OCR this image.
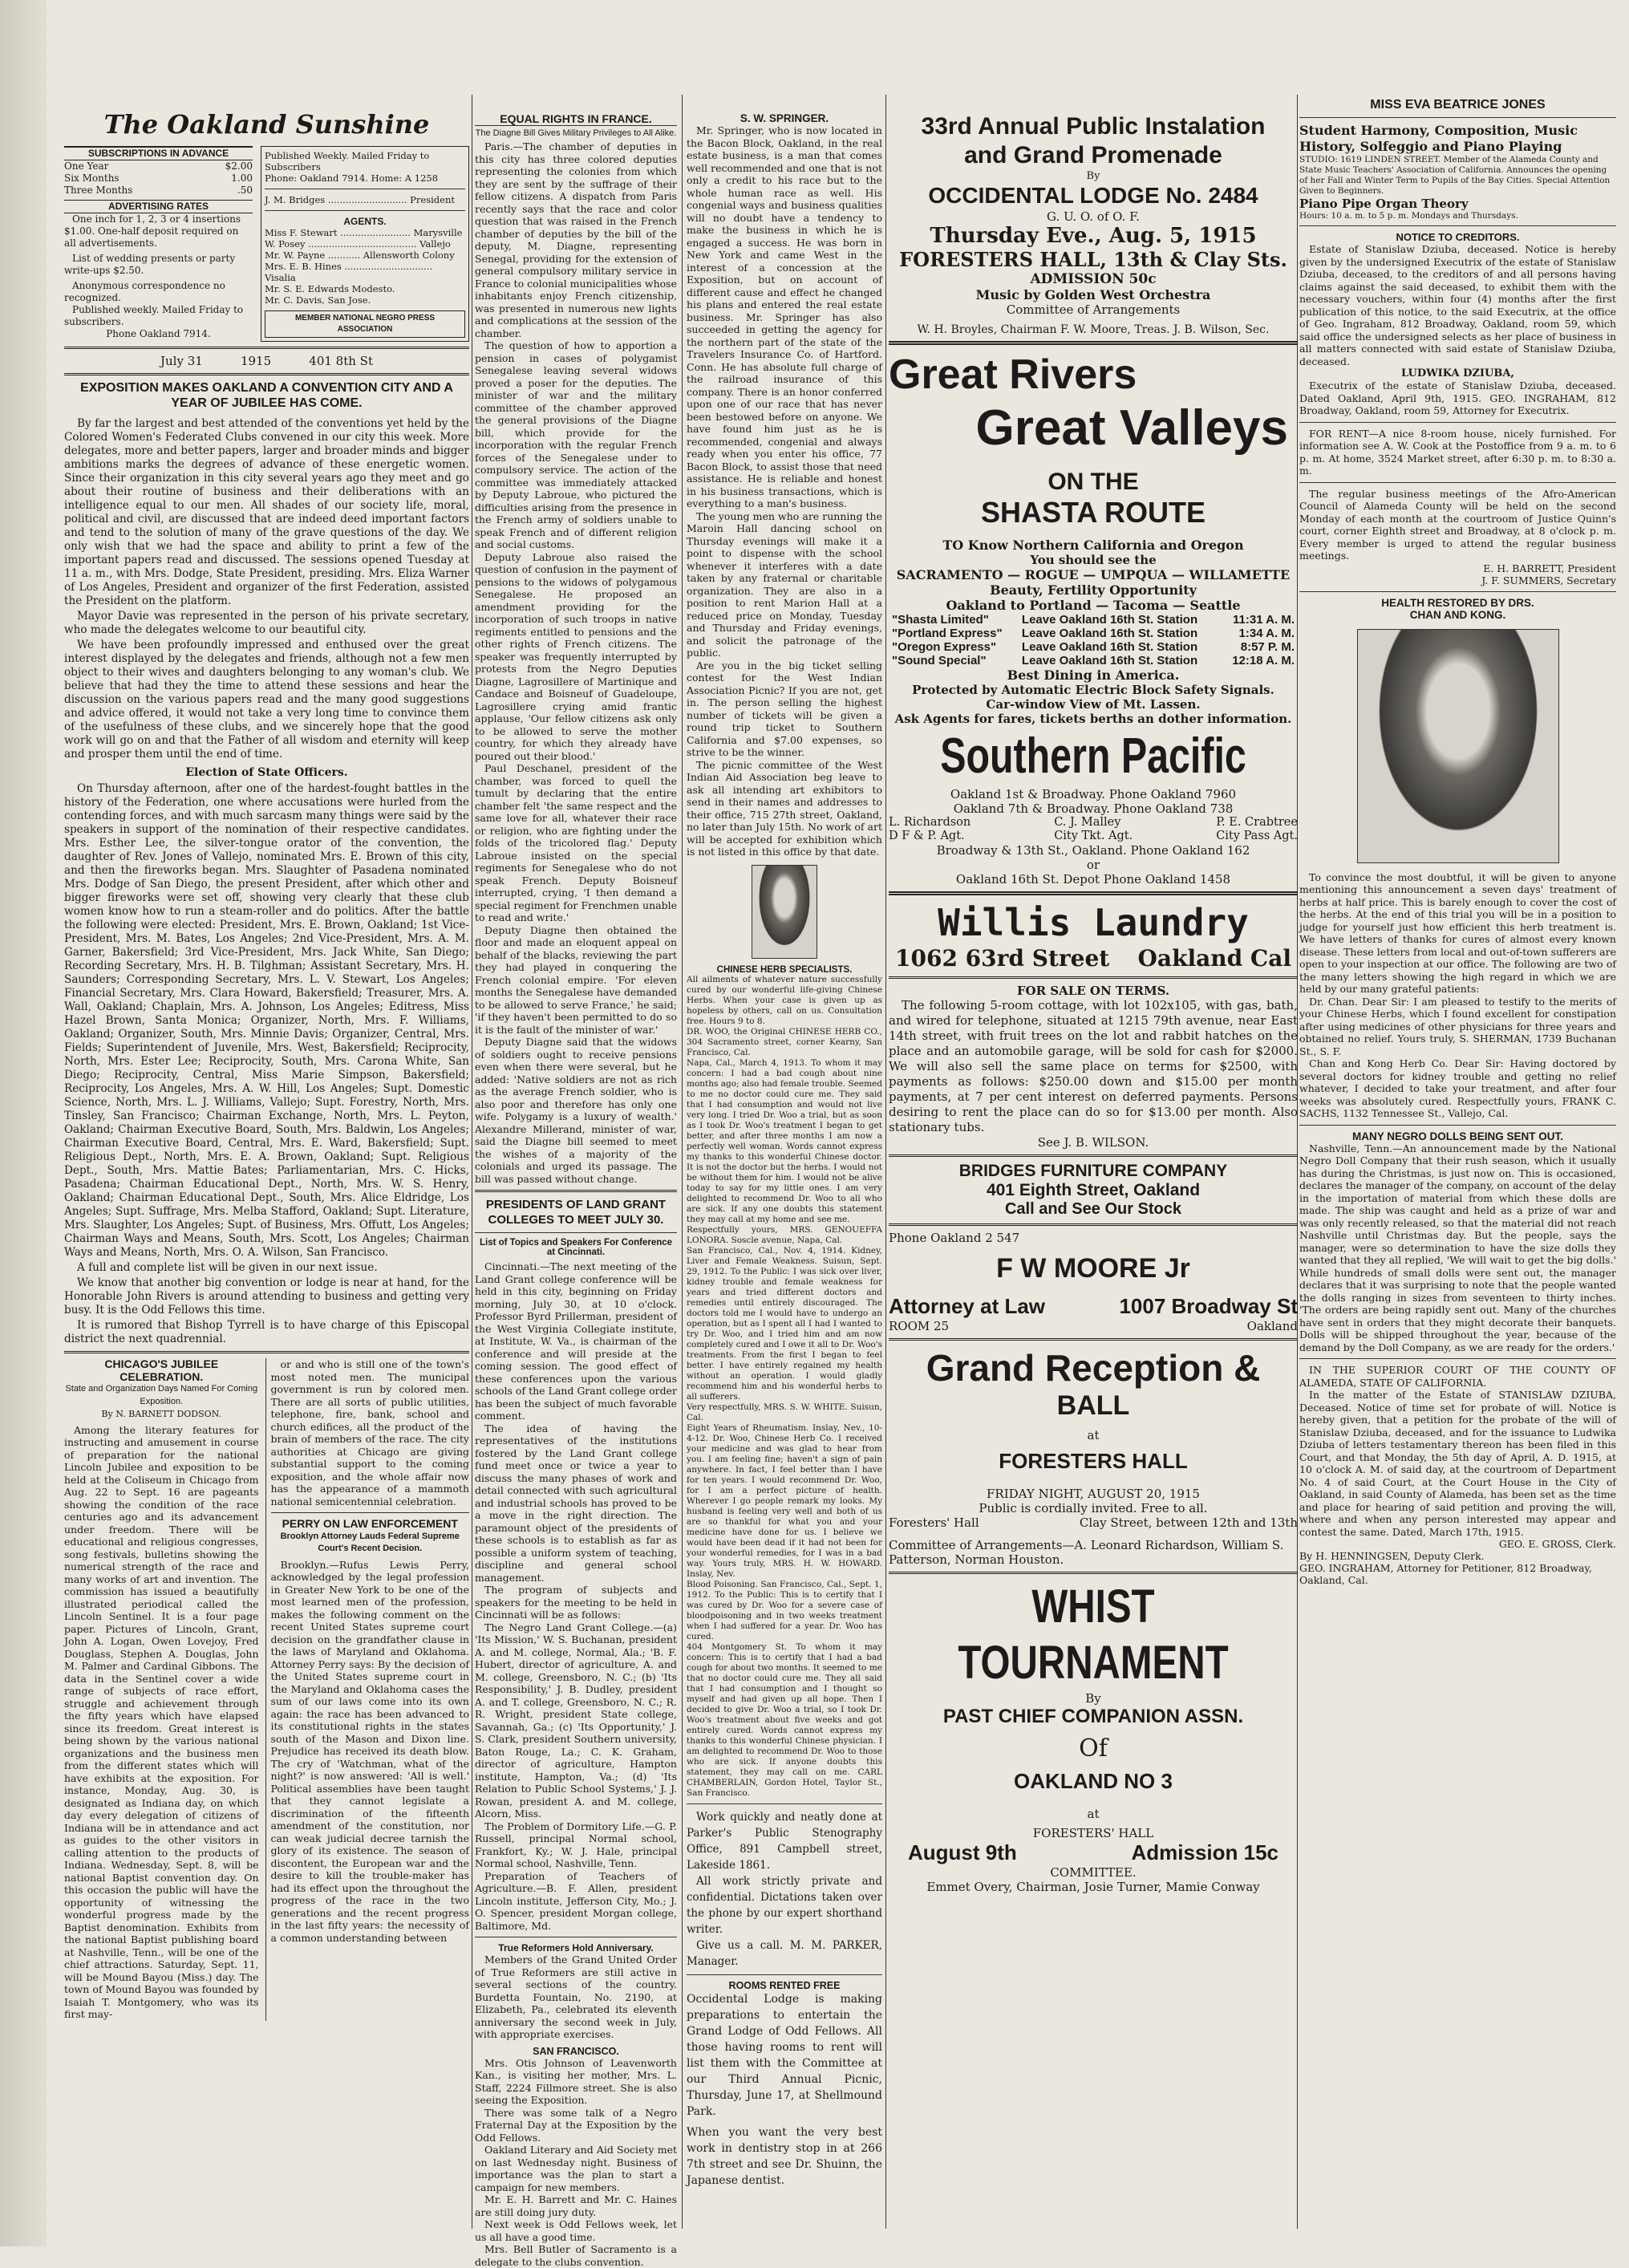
The Oakland Sunshine
SUBSCRIPTIONS IN ADVANCE
One Year	$2.00
Six Months	1.00
Three Months	.50
ADVERTISING RATES
One inch for 1, 2, 3 or 4 insertions $1.00. One-half deposit required on all advertisements.
List of wedding presents or party write-ups $2.50.
Anonymous correspondence no recognized.
Published weekly. Mailed Friday to subscribers.
Phone Oakland 7914.
Published Weekly. Mailed Friday to Subscribers
Phone: Oakland 7914. Home: A 1258
J. M. Bridges ........................... President
AGENTS.
Miss F. Stewart ........................ Marysville
W. Posey ..................................... Vallejo
Mr. W. Payne ........... Allensworth Colony
Mrs. E. B. Hines .............................. Visalia
Mr. S. E. Edwards Modesto.
Mr. C. Davis, San Jose.
MEMBER NATIONAL NEGRO PRESS ASSOCIATION
July 31	1915	401 8th St
EXPOSITION MAKES OAKLAND A CONVENTION CITY AND A YEAR OF JUBILEE HAS COME.

By far the largest and best attended of the conventions yet held by the Colored Women's Federated Clubs convened in our city this week. More delegates, more and better papers, larger and broader minds and bigger ambitions marks the degrees of advance of these energetic women. Since their organization in this city several years ago they meet and go about their routine of business and their deliberations with an intelligence equal to our men. All shades of our society life, moral, political and civil, are discussed that are indeed deed important factors and tend to the solution of many of the grave questions of the day. We only wish that we had the space and ability to print a few of the important papers read and discussed. The sessions opened Tuesday at 11 a. m., with Mrs. Dodge, State President, presiding. Mrs. Eliza Warner of Los Angeles, President and organizer of the first Federation, assisted the President on the platform.

Mayor Davie was represented in the person of his private secretary, who made the delegates welcome to our beautiful city.

We have been profoundly impressed and enthused over the great interest displayed by the delegates and friends, although not a few men object to their wives and daughters belonging to any woman's club. We believe that had they the time to attend these sessions and hear the discussion on the various papers read and the many good suggestions and advice offered, it would not take a very long time to convince them of the usefulness of these clubs, and we sincerely hope that the good work will go on and that the Father of all wisdom and eternity will keep and prosper them until the end of time.

Election of State Officers.

On Thursday afternoon, after one of the hardest-fought battles in the history of the Federation, one where accusations were hurled from the contending forces, and with much sarcasm many things were said by the speakers in support of the nomination of their respective candidates. Mrs. Esther Lee, the silver-tongue orator of the convention, the daughter of Rev. Jones of Vallejo, nominated Mrs. E. Brown of this city, and then the fireworks began. Mrs. Slaughter of Pasadena nominated Mrs. Dodge of San Diego, the present President, after which other and bigger fireworks were set off, showing very clearly that these club women know how to run a steam-roller and do politics. After the battle the following were elected: President, Mrs. E. Brown, Oakland; 1st Vice-President, Mrs. M. Bates, Los Angeles; 2nd Vice-President, Mrs. A. M. Garner, Bakersfield; 3rd Vice-President, Mrs. Jack White, San Diego; Recording Secretary, Mrs. H. B. Tilghman; Assistant Secretary, Mrs. H. Saunders; Corresponding Secretary, Mrs. L. V. Stewart, Los Angeles; Financial Secretary, Mrs. Clara Howard, Bakersfield; Treasurer, Mrs. A. Wall, Oakland; Chaplain, Mrs. A. Johnson, Los Angeles; Editress, Miss Hazel Brown, Santa Monica; Organizer, North, Mrs. F. Williams, Oakland; Organizer, South, Mrs. Minnie Davis; Organizer, Central, Mrs. Fields; Superintendent of Juvenile, Mrs. West, Bakersfield; Reciprocity, North, Mrs. Ester Lee; Reciprocity, South, Mrs. Carona White, San Diego; Reciprocity, Central, Miss Marie Simpson, Bakersfield; Reciprocity, Los Angeles, Mrs. A. W. Hill, Los Angeles; Supt. Domestic Science, North, Mrs. L. J. Williams, Vallejo; Supt. Forestry, North, Mrs. Tinsley, San Francisco; Chairman Exchange, North, Mrs. L. Peyton, Oakland; Chairman Executive Board, South, Mrs. Baldwin, Los Angeles; Chairman Executive Board, Central, Mrs. E. Ward, Bakersfield; Supt. Religious Dept., North, Mrs. E. A. Brown, Oakland; Supt. Religious Dept., South, Mrs. Mattie Bates; Parliamentarian, Mrs. C. Hicks, Pasadena; Chairman Educational Dept., North, Mrs. W. S. Henry, Oakland; Chairman Educational Dept., South, Mrs. Alice Eldridge, Los Angeles; Supt. Suffrage, Mrs. Melba Stafford, Oakland; Supt. Literature, Mrs. Slaughter, Los Angeles; Supt. of Business, Mrs. Offutt, Los Angeles; Chairman Ways and Means, South, Mrs. Scott, Los Angeles; Chairman Ways and Means, North, Mrs. O. A. Wilson, San Francisco.

A full and complete list will be given in our next issue.

We know that another big convention or lodge is near at hand, for the Honorable John Rivers is around attending to business and getting very busy. It is the Odd Fellows this time.

It is rumored that Bishop Tyrrell is to have charge of this Episcopal district the next quadrennial.

CHICAGO'S JUBILEE CELEBRATION.
State and Organization Days Named For Coming Exposition.
By N. BARNETT DODSON.

Among the literary features for instructing and amusement in course of preparation for the national Lincoln Jubilee and exposition to be held at the Coliseum in Chicago from Aug. 22 to Sept. 16 are pageants showing the condition of the race centuries ago and its advancement under freedom. There will be educational and religious congresses, song festivals, bulletins showing the numerical strength of the race and many works of art and invention. The commission has issued a beautifully illustrated periodical called the Lincoln Sentinel. It is a four page paper. Pictures of Lincoln, Grant, John A. Logan, Owen Lovejoy, Fred Douglass, Stephen A. Douglas, John M. Palmer and Cardinal Gibbons. The data in the Sentinel cover a wide range of subjects of race effort, struggle and achievement through the fifty years which have elapsed since its freedom. Great interest is being shown by the various national organizations and the business men from the different states which will have exhibits at the exposition. For instance, Monday, Aug. 30, is designated as Indiana day, on which day every delegation of citizens of Indiana will be in attendance and act as guides to the other visitors in calling attention to the products of Indiana. Wednesday, Sept. 8, will be national Baptist convention day. On this occasion the public will have the opportunity of witnessing the wonderful progress made by the Baptist denomination. Exhibits from the national Baptist publishing board at Nashville, Tenn., will be one of the chief attractions. Saturday, Sept. 11, will be Mound Bayou (Miss.) day. The town of Mound Bayou was founded by Isaiah T. Montgomery, who was its first may-

or and who is still one of the town's most noted men. The municipal government is run by colored men. There are all sorts of public utilities, telephone, fire, bank, school and church edifices, all the product of the brain of members of the race. The city authorities at Chicago are giving substantial support to the coming exposition, and the whole affair now has the appearance of a mammoth national semicentennial celebration.

PERRY ON LAW ENFORCEMENT
Brooklyn Attorney Lauds Federal Supreme Court's Recent Decision.

Brooklyn.—Rufus Lewis Perry, acknowledged by the legal profession in Greater New York to be one of the most learned men of the profession, makes the following comment on the recent United States supreme court decision on the grandfather clause in the laws of Maryland and Oklahoma. Attorney Perry says: By the decision of the United States supreme court in the Maryland and Oklahoma cases the sum of our laws come into its own again: the race has been advanced to its constitutional rights in the states south of the Mason and Dixon line. Prejudice has received its death blow. The cry of 'Watchman, what of the night?' is now answered: 'All is well.' Political assemblies have been taught that they cannot legislate a discrimination of the fifteenth amendment of the constitution, nor can weak judicial decree tarnish the glory of its existence. The season of discontent, the European war and the desire to kill the trouble-maker has had its effect upon the throughout the progress of the race in the two generations and the recent progress in the last fifty years: the necessity of a common understanding between

EQUAL RIGHTS IN FRANCE.
The Diagne Bill Gives Military Privileges to All Alike.

Paris.—The chamber of deputies in this city has three colored deputies representing the colonies from which they are sent by the suffrage of their fellow citizens. A dispatch from Paris recently says that the race and color question that was raised in the French chamber of deputies by the bill of the deputy, M. Diagne, representing Senegal, providing for the extension of general compulsory military service in France to colonial municipalities whose inhabitants enjoy French citizenship, was presented in numerous new lights and complications at the session of the chamber.

The question of how to apportion a pension in cases of polygamist Senegalese leaving several widows proved a poser for the deputies. The minister of war and the military committee of the chamber approved the general provisions of the Diagne bill, which provide for the incorporation with the regular French forces of the Senegalese under to compulsory service. The action of the committee was immediately attacked by Deputy Labroue, who pictured the difficulties arising from the presence in the French army of soldiers unable to speak French and of different religion and social customs.

Deputy Labroue also raised the question of confusion in the payment of pensions to the widows of polygamous Senegalese. He proposed an amendment providing for the incorporation of such troops in native regiments entitled to pensions and the other rights of French citizens. The speaker was frequently interrupted by protests from the Negro Deputies Diagne, Lagrosillere of Martinique and Candace and Boisneuf of Guadeloupe, Lagrosillere crying amid frantic applause, 'Our fellow citizens ask only to be allowed to serve the mother country, for which they already have poured out their blood.'

Paul Deschanel, president of the chamber, was forced to quell the tumult by declaring that the entire chamber felt 'the same respect and the same love for all, whatever their race or religion, who are fighting under the folds of the tricolored flag.' Deputy Labroue insisted on the special regiments for Senegalese who do not speak French. Deputy Boisneuf interrupted, crying, 'I then demand a special regiment for Frenchmen unable to read and write.'

Deputy Diagne then obtained the floor and made an eloquent appeal on behalf of the blacks, reviewing the part they had played in conquering the French colonial empire. 'For eleven months the Senegalese have demanded to be allowed to serve France,' he said; 'if they haven't been permitted to do so it is the fault of the minister of war.'

Deputy Diagne said that the widows of soldiers ought to receive pensions even when there were several, but he added: 'Native soldiers are not as rich as the average French soldier, who is also poor and therefore has only one wife. Polygamy is a luxury of wealth.' Alexandre Millerand, minister of war, said the Diagne bill seemed to meet the wishes of a majority of the colonials and urged its passage. The bill was passed without change.

PRESIDENTS OF LAND GRANT COLLEGES TO MEET JULY 30.
List of Topics and Speakers For Conference at Cincinnati.

Cincinnati.—The next meeting of the Land Grant college conference will be held in this city, beginning on Friday morning, July 30, at 10 o'clock. Professor Byrd Prillerman, president of the West Virginia Collegiate institute, at Institute, W. Va., is chairman of the conference and will preside at the coming session. The good effect of these conferences upon the various schools of the Land Grant college order has been the subject of much favorable comment.

The idea of having the representatives of the institutions fostered by the Land Grant college fund meet once or twice a year to discuss the many phases of work and detail connected with such agricultural and industrial schools has proved to be a move in the right direction. The paramount object of the presidents of these schools is to establish as far as possible a uniform system of teaching, discipline and general school management.

The program of subjects and speakers for the meeting to be held in Cincinnati will be as follows:

The Negro Land Grant College.—(a) 'Its Mission,' W. S. Buchanan, president A. and M. college, Normal, Ala.; 'B. F. Hubert, director of agriculture, A. and M. college, Greensboro, N. C.; (b) 'Its Responsibility,' J. B. Dudley, president A. and T. college, Greensboro, N. C.; R. R. Wright, president State college, Savannah, Ga.; (c) 'Its Opportunity,' J. S. Clark, president Southern university, Baton Rouge, La.; C. K. Graham, director of agriculture, Hampton institute, Hampton, Va.; (d) 'Its Relation to Public School Systems,' J. J. Rowan, president A. and M. college, Alcorn, Miss.

The Problem of Dormitory Life.—G. P. Russell, principal Normal school, Frankfort, Ky.; W. J. Hale, principal Normal school, Nashville, Tenn.

Preparation of Teachers of Agriculture.—B. F. Allen, president Lincoln institute, Jefferson City, Mo.; J. O. Spencer, president Morgan college, Baltimore, Md.

True Reformers Hold Anniversary.

Members of the Grand United Order of True Reformers are still active in several sections of the country. Burdetta Fountain, No. 2190, at Elizabeth, Pa., celebrated its eleventh anniversary the second week in July, with appropriate exercises.

SAN FRANCISCO.

Mrs. Otis Johnson of Leavenworth Kan., is visiting her mother, Mrs. L. Staff, 2224 Fillmore street. She is also seeing the Exposition.

There was some talk of a Negro Fraternal Day at the Exposition by the Odd Fellows.

Oakland Literary and Aid Society met on last Wednesday night. Business of importance was the plan to start a campaign for new members.

Mr. E. H. Barrett and Mr. C. Haines are still doing jury duty.

Next week is Odd Fellows week, let us all have a good time.

Mrs. Bell Butler of Sacramento is a delegate to the clubs convention.

S. W. SPRINGER.

Mr. Springer, who is now located in the Bacon Block, Oakland, in the real estate business, is a man that comes well recommended and one that is not only a credit to his race but to the whole human race as well. His congenial ways and business qualities will no doubt have a tendency to make the business in which he is engaged a success. He was born in New York and came West in the interest of a concession at the Exposition, but on account of different cause and effect he changed his plans and entered the real estate business. Mr. Springer has also succeeded in getting the agency for the northern part of the state of the Travelers Insurance Co. of Hartford. Conn. He has absolute full charge of the railroad insurance of this company. There is an honor conferred upon one of our race that has never been bestowed before on anyone. We have found him just as he is recommended, congenial and always ready when you enter his office, 77 Bacon Block, to assist those that need assistance. He is reliable and honest in his business transactions, which is everything to a man's business.

The young men who are running the Maroin Hall dancing school on Thursday evenings will make it a point to dispense with the school whenever it interferes with a date taken by any fraternal or charitable organization. They are also in a position to rent Marion Hall at a reduced price on Monday, Tuesday and Thursday and Friday evenings, and solicit the patronage of the public.

Are you in the big ticket selling contest for the West Indian Association Picnic? If you are not, get in. The person selling the highest number of tickets will be given a round trip ticket to Southern California and $7.00 expenses, so strive to be the winner.

The picnic committee of the West Indian Aid Association beg leave to ask all intending art exhibitors to send in their names and addresses to their office, 715 27th street, Oakland, no later than July 15th. No work of art will be accepted for exhibition which is not listed in this office by that date.

CHINESE HERB SPECIALISTS.

All ailments of whatever nature successfully cured by our wonderful life-giving Chinese Herbs. When your case is given up as hopeless by others, call on us. Consultation free. Hours 9 to 8.

DR. WOO, the Original CHINESE HERB CO., 304 Sacramento street, corner Kearny, San Francisco, Cal.

Napa, Cal., March 4, 1913. To whom it may concern: I had a bad cough about nine months ago; also had female trouble. Seemed to me no doctor could cure me. They said that I had consumption and would not live very long. I tried Dr. Woo a trial, but as soon as I took Dr. Woo's treatment I began to get better, and after three months I am now a perfectly well woman. Words cannot express my thanks to this wonderful Chinese doctor. It is not the doctor but the herbs. I would not be without them for him. I would not be alive today to say for my little ones. I am very delighted to recommend Dr. Woo to all who are sick. If any one doubts this statement they may call at my home and see me.

Respectfully yours, MRS. GENOUEFFA LONORA. Soscle avenue, Napa, Cal.

San Francisco, Cal., Nov. 4, 1914. Kidney, Liver and Female Weakness. Suisun, Sept. 29, 1912. To the Public: I was sick over liver, kidney trouble and female weakness for years and tried different doctors and remedies until entirely discouraged. The doctors told me I would have to undergo an operation, but as I spent all I had I wanted to try Dr. Woo, and I tried him and am now completely cured and I owe it all to Dr. Woo's treatments. From the first I began to feel better. I have entirely regained my health without an operation. I would gladly recommend him and his wonderful herbs to all sufferers.

Very respectfully, MRS. S. W. WHITE. Suisun, Cal.

Eight Years of Rheumatism. Inslay, Nev., 10-4-12. Dr. Woo, Chinese Herb Co. I received your medicine and was glad to hear from you. I am feeling fine; haven't a sign of pain anywhere. In fact, I feel better than I have for ten years. I would recommend Dr. Woo, for I am a perfect picture of health. Wherever I go people remark my looks. My husband is feeling very well and both of us are so thankful for what you and your medicine have done for us. I believe we would have been dead if it had not been for your wonderful remedies, for I was in a bad way. Yours truly, MRS. H. W. HOWARD. Inslay, Nev.

Blood Poisoning. San Francisco, Cal., Sept. 1, 1912. To the Public: This is to certify that I was cured by Dr. Woo for a severe case of bloodpoisoning and in two weeks treatment when I had suffered for a year. Dr. Woo has cured.

404 Montgomery St. To whom it may concern: This is to certify that I had a bad cough for about two months. It seemed to me that no doctor could cure me. They all said that I had consumption and I thought so myself and had given up all hope. Then I decided to give Dr. Woo a trial, so I took Dr. Woo's treatment about five weeks and got entirely cured. Words cannot express my thanks to this wonderful Chinese physician. I am delighted to recommend Dr. Woo to those who are sick. If anyone doubts this statement, they may call on me. CARL CHAMBERLAIN, Gordon Hotel, Taylor St., San Francisco.

Work quickly and neatly done at Parker's Public Stenography Office, 891 Campbell street, Lakeside 1861.

All work strictly private and confidential. Dictations taken over the phone by our expert shorthand writer.

Give us a call. M. M. PARKER, Manager.

ROOMS RENTED FREE

Occidental Lodge is making preparations to entertain the Grand Lodge of Odd Fellows. All those having rooms to rent will list them with the Committee at our Third Annual Picnic, Thursday, June 17, at Shellmound Park.

When you want the very best work in dentistry stop in at 266 7th street and see Dr. Shuinn, the Japanese dentist.

33rd Annual Public Instalation
and Grand Promenade
By
OCCIDENTAL LODGE No. 2484
G. U. O. of O. F.
Thursday Eve., Aug. 5, 1915
FORESTERS HALL, 13th & Clay Sts.
ADMISSION 50c
Music by Golden West Orchestra
Committee of Arrangements
W. H. Broyles, Chairman F. W. Moore, Treas. J. B. Wilson, Sec.
Great Rivers
Great Valleys
ON THE
SHASTA ROUTE
TO Know Northern California and Oregon
You should see the
SACRAMENTO — ROGUE — UMPQUA — WILLAMETTE
Beauty, Fertility Opportunity
Oakland to Portland — Tacoma — Seattle
"Shasta Limited"	Leave Oakland 16th St. Station	11:31 A. M.
"Portland Express"	Leave Oakland 16th St. Station	1:34 A. M.
"Oregon Express"	Leave Oakland 16th St. Station	8:57 P. M.
"Sound Special"	Leave Oakland 16th St. Station	12:18 A. M.
Best Dining in America.
Protected by Automatic Electric Block Safety Signals.
Car-window View of Mt. Lassen.
Ask Agents for fares, tickets berths an dother information.
Southern Pacific
Oakland 1st & Broadway. Phone Oakland 7960
Oakland 7th & Broadway. Phone Oakland 738
L. Richardson
D F & P. Agt.
C. J. Malley
City Tkt. Agt.
P. E. Crabtree
City Pass Agt.
Broadway & 13th St., Oakland. Phone Oakland 162
or
Oakland 16th St. Depot Phone Oakland 1458
Willis Laundry
1062 63rd Street Oakland Cal
FOR SALE ON TERMS.
The following 5-room cottage, with lot 102x105, with gas, bath, and wired for telephone, situated at 1215 79th avenue, near East 14th street, with fruit trees on the lot and rabbit hatches on the place and an automobile garage, will be sold for cash for $2000. We will also sell the same place on terms for $2500, with payments as follows: $250.00 down and $15.00 per month payments, at 7 per cent interest on deferred payments. Persons desiring to rent the place can do so for $13.00 per month. Also stationary tubs.
See J. B. WILSON.
BRIDGES FURNITURE COMPANY
401 Eighth Street, Oakland
Call and See Our Stock
Phone Oakland 2 547
F W MOORE Jr
Attorney at Law	1007 Broadway St
ROOM 25	Oakland
Grand Reception &
BALL
at
FORESTERS HALL
FRIDAY NIGHT, AUGUST 20, 1915
Public is cordially invited. Free to all.
Foresters' Hall	Clay Street, between 12th and 13th
Committee of Arrangements—A. Leonard Richardson, William S. Patterson, Norman Houston.
WHIST TOURNAMENT
By
PAST CHIEF COMPANION ASSN.
Of
OAKLAND NO 3
at
FORESTERS' HALL
August 9th	Admission 15c
COMMITTEE.
Emmet Overy, Chairman, Josie Turner, Mamie Conway
MISS EVA BEATRICE JONES
Student Harmony, Composition, Music History, Solfeggio and Piano Playing
STUDIO: 1619 LINDEN STREET. Member of the Alameda County and State Music Teachers' Association of California. Announces the opening of her Fall and Winter Term to Pupils of the Bay Cities. Special Attention Given to Beginners.
Piano Pipe Organ Theory
Hours: 10 a. m. to 5 p. m. Mondays and Thursdays.
NOTICE TO CREDITORS.

Estate of Stanislaw Dziuba, deceased. Notice is hereby given by the undersigned Executrix of the estate of Stanislaw Dziuba, deceased, to the creditors of and all persons having claims against the said deceased, to exhibit them with the necessary vouchers, within four (4) months after the first publication of this notice, to the said Executrix, at the office of Geo. Ingraham, 812 Broadway, Oakland, room 59, which said office the undersigned selects as her place of business in all matters connected with said estate of Stanislaw Dziuba, deceased.

LUDWIKA DZIUBA,

Executrix of the estate of Stanislaw Dziuba, deceased. Dated Oakland, April 9th, 1915. GEO. INGRAHAM, 812 Broadway, Oakland, room 59, Attorney for Executrix.

FOR RENT—A nice 8-room house, nicely furnished. For information see A. W. Cook at the Postoffice from 9 a. m. to 6 p. m. At home, 3524 Market street, after 6:30 p. m. to 8:30 a. m.

The regular business meetings of the Afro-American Council of Alameda County will be held on the second Monday of each month at the courtroom of Justice Quinn's court, corner Eighth street and Broadway, at 8 o'clock p. m. Every member is urged to attend the regular business meetings.

E. H. BARRETT, President
J. F. SUMMERS, Secretary
HEALTH RESTORED BY DRS.
CHAN AND KONG.

To convince the most doubtful, it will be given to anyone mentioning this announcement a seven days' treatment of herbs at half price. This is barely enough to cover the cost of the herbs. At the end of this trial you will be in a position to judge for yourself just how efficient this herb treatment is. We have letters of thanks for cures of almost every known disease. These letters from local and out-of-town sufferers are open to your inspection at our office. The following are two of the many letters showing the high regard in which we are held by our many grateful patients:

Dr. Chan. Dear Sir: I am pleased to testify to the merits of your Chinese Herbs, which I found excellent for constipation after using medicines of other physicians for three years and obtained no relief. Yours truly, S. SHERMAN, 1739 Buchanan St., S. F.

Chan and Kong Herb Co. Dear Sir: Having doctored by several doctors for kidney trouble and getting no relief whatever, I decided to take your treatment, and after four weeks was absolutely cured. Respectfully yours, FRANK C. SACHS, 1132 Tennessee St., Vallejo, Cal.

MANY NEGRO DOLLS BEING SENT OUT.

Nashville, Tenn.—An announcement made by the National Negro Doll Company that their rush season, which it usually has during the Christmas, is just now on. This is occasioned, declares the manager of the company, on account of the delay in the importation of material from which these dolls are made. The ship was caught and held as a prize of war and was only recently released, so that the material did not reach Nashville until Christmas day. But the people, says the manager, were so determination to have the size dolls they wanted that they all replied, 'We will wait to get the big dolls.' While hundreds of small dolls were sent out, the manager declares that it was surprising to note that the people wanted the dolls ranging in sizes from seventeen to thirty inches. 'The orders are being rapidly sent out. Many of the churches have sent in orders that they might decorate their banquets. Dolls will be shipped throughout the year, because of the demand by the Doll Company, as we are ready for the orders.'

IN THE SUPERIOR COURT OF THE COUNTY OF ALAMEDA, STATE OF CALIFORNIA.

In the matter of the Estate of STANISLAW DZIUBA, Deceased. Notice of time set for probate of will. Notice is hereby given, that a petition for the probate of the will of Stanislaw Dziuba, deceased, and for the issuance to Ludwika Dziuba of letters testamentary thereon has been filed in this Court, and that Monday, the 5th day of April, A. D. 1915, at 10 o'clock A. M. of said day, at the courtroom of Department No. 4 of said Court, at the Court House in the City of Oakland, in said County of Alameda, has been set as the time and place for hearing of said petition and proving the will, where and when any person interested may appear and contest the same. Dated, March 17th, 1915.

GEO. E. GROSS, Clerk.
By H. HENNINGSEN, Deputy Clerk.
GEO. INGRAHAM, Attorney for Petitioner, 812 Broadway, Oakland, Cal.
